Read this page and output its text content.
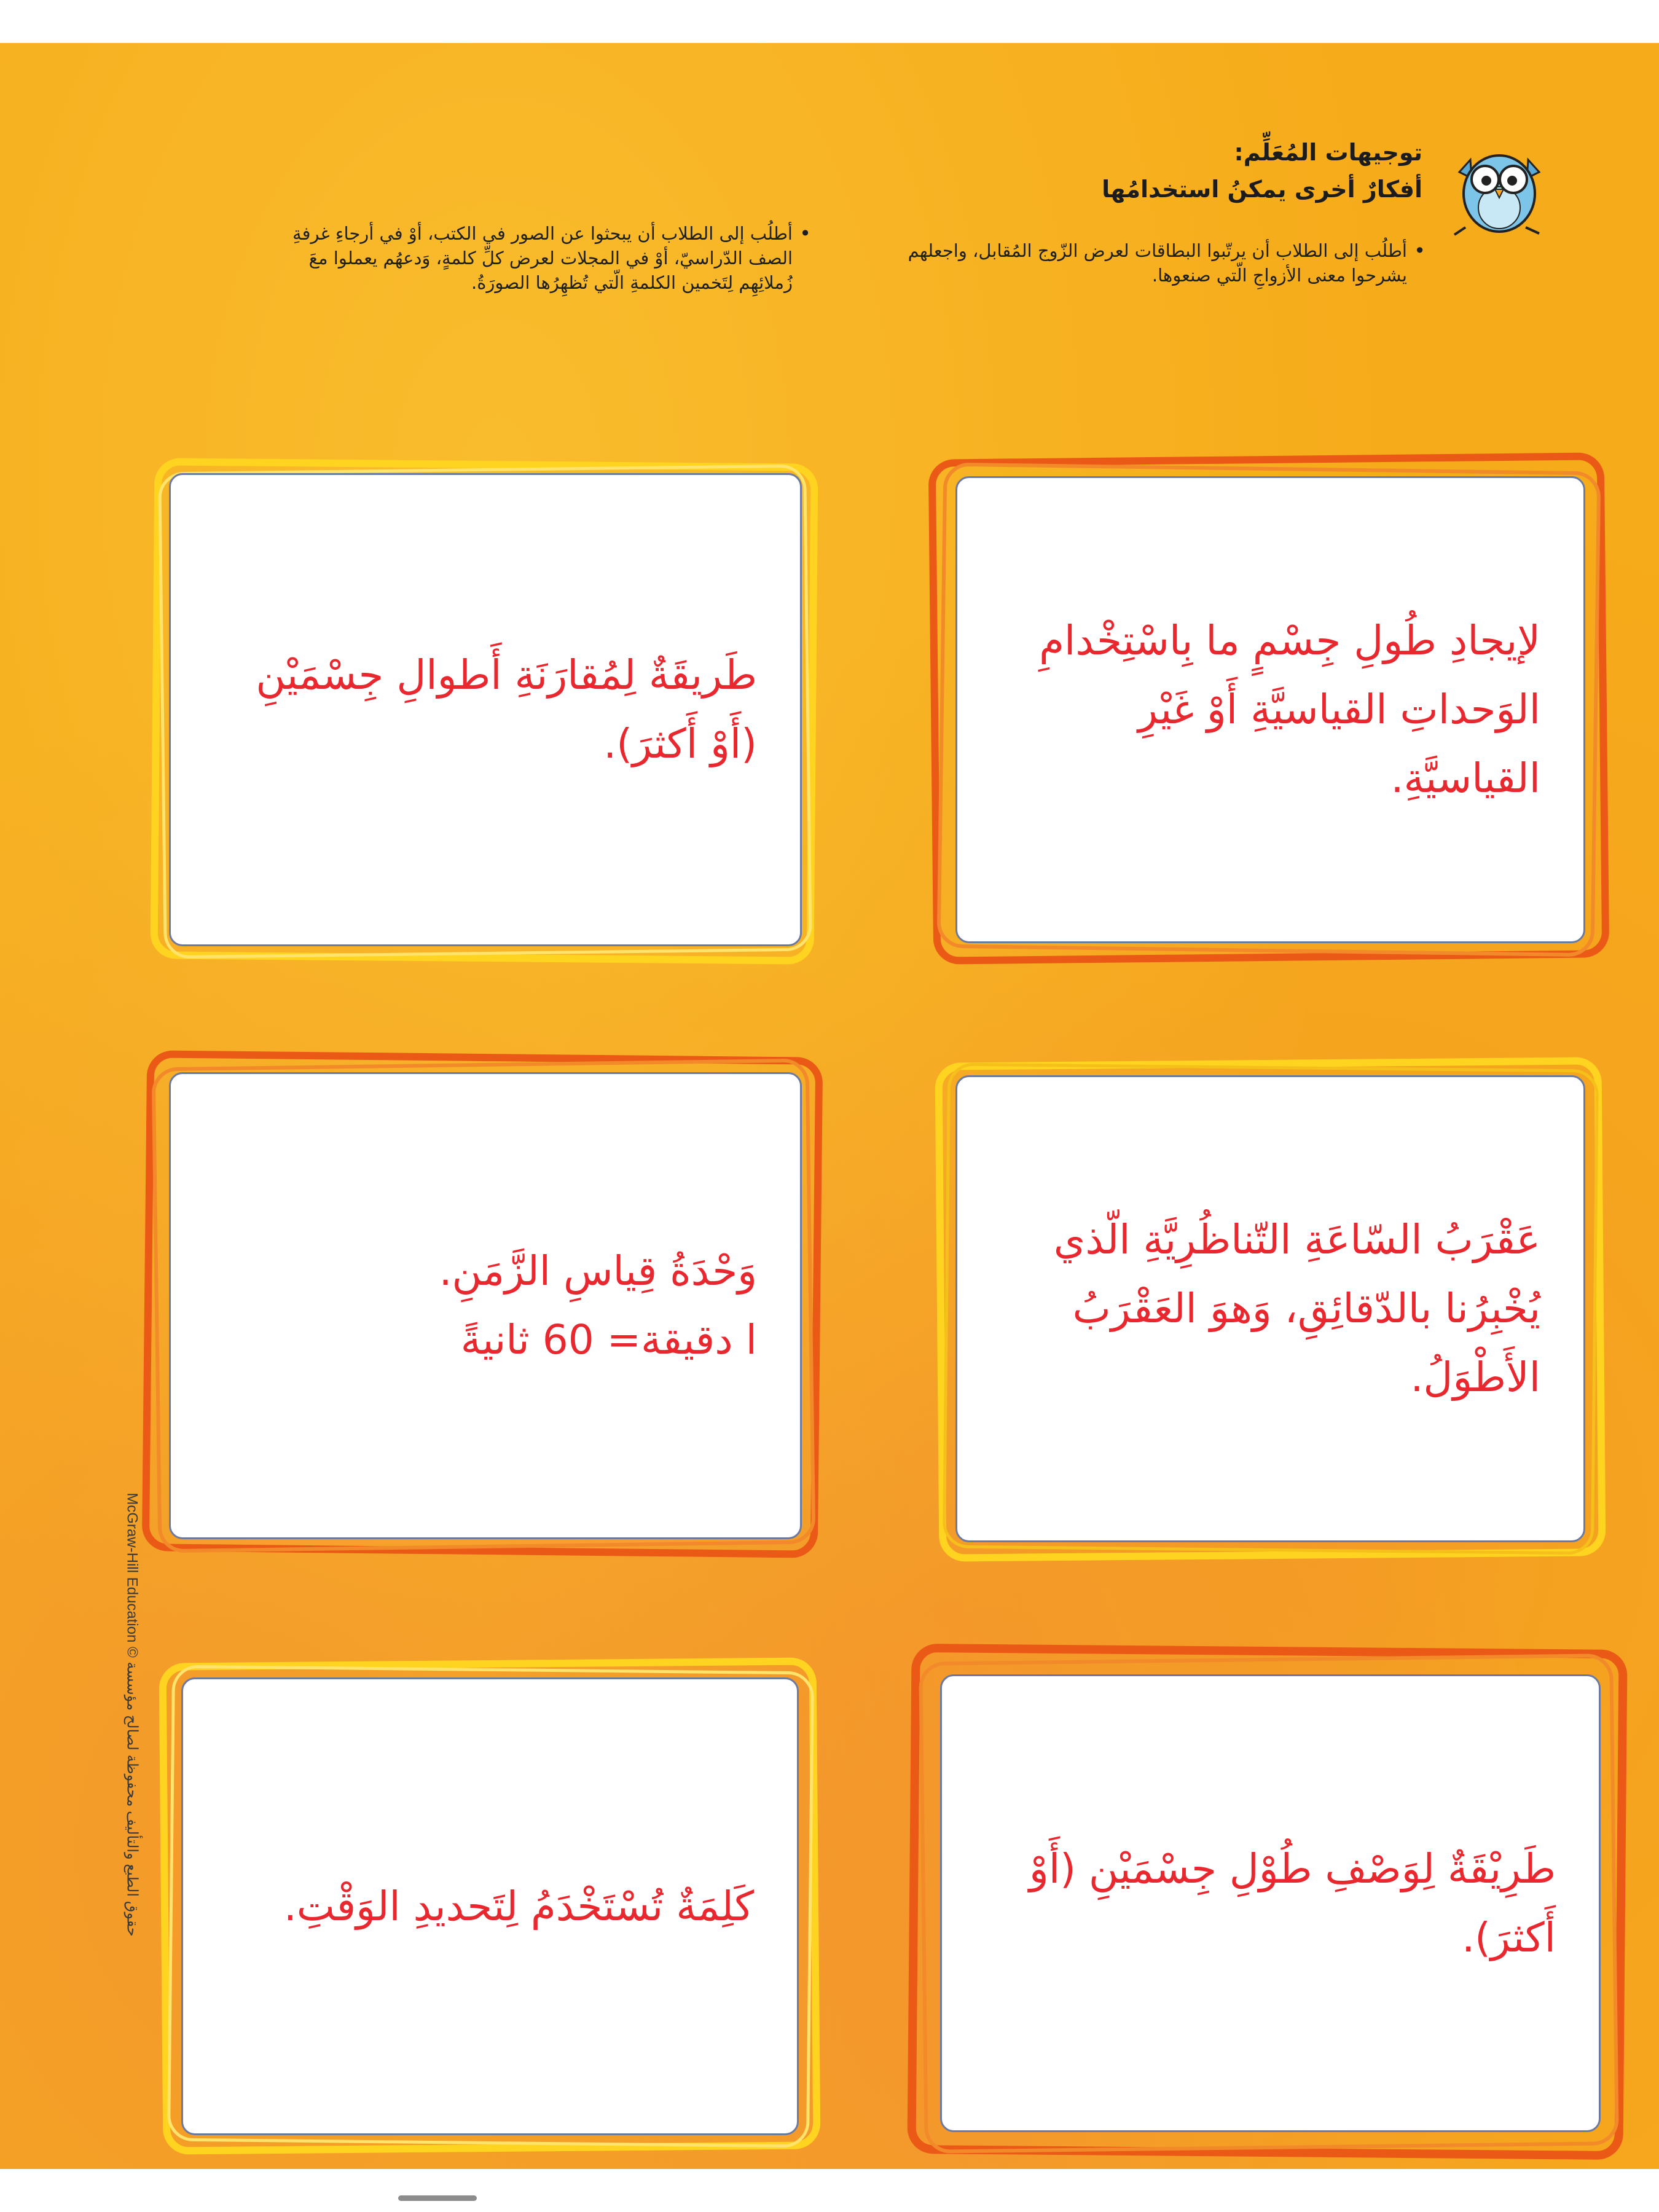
توجيهات المُعَلِّم:
أفكارٌ أخرى يمكنُ استخدامُها
• أطلُب إلى الطلاب أن يرتّبوا البطاقات لعرض الزّوج المُقابل، واجعلهم يشرحوا معنى الأزواجِ الّتي صنعوها.
• أطلُب إلى الطلاب أن يبحثوا عن الصور في الكتب، أوْ في أرجاءِ غرفةِ الصف الدّراسيّ، أوْ في المجلات لعرض كلِّ كلمةٍ، وَدعهُم يعملوا معَ زُملائِهِم لِتَخمين الكلمةِ الّتي تُظهِرُها الصورَةُ.
لإيجادِ طُولِ جِسْمٍ ما بِاسْتِخْدامِ الوَحداتِ القياسيَّةِ أَوْ غَيْرِ القياسيَّةِ.
طَريقَةٌ لِمُقارَنَةِ أَطوالِ جِسْمَيْنِ (أَوْ أَكثرَ).
عَقْرَبُ السّاعَةِ التّناظُرِيَّةِ الّذي يُخْبِرُنا بالدّقائِقِ، وَهوَ العَقْرَبُ الأَطْوَلُ.
وَحْدَةُ قِياسِ الزَّمَنِ.
ا دقيقة= 60 ثانيةً
طَرِيْقَةٌ لِوَصْفِ طُوْلِ جِسْمَيْنِ (أَوْ أَكثرَ).
كَلِمَةٌ تُسْتَخْدَمُ لِتَحديدِ الوَقْتِ.
McGraw-Hill Education © حقوق الطبع والتأليف محفوظة لصالح مؤسسة
